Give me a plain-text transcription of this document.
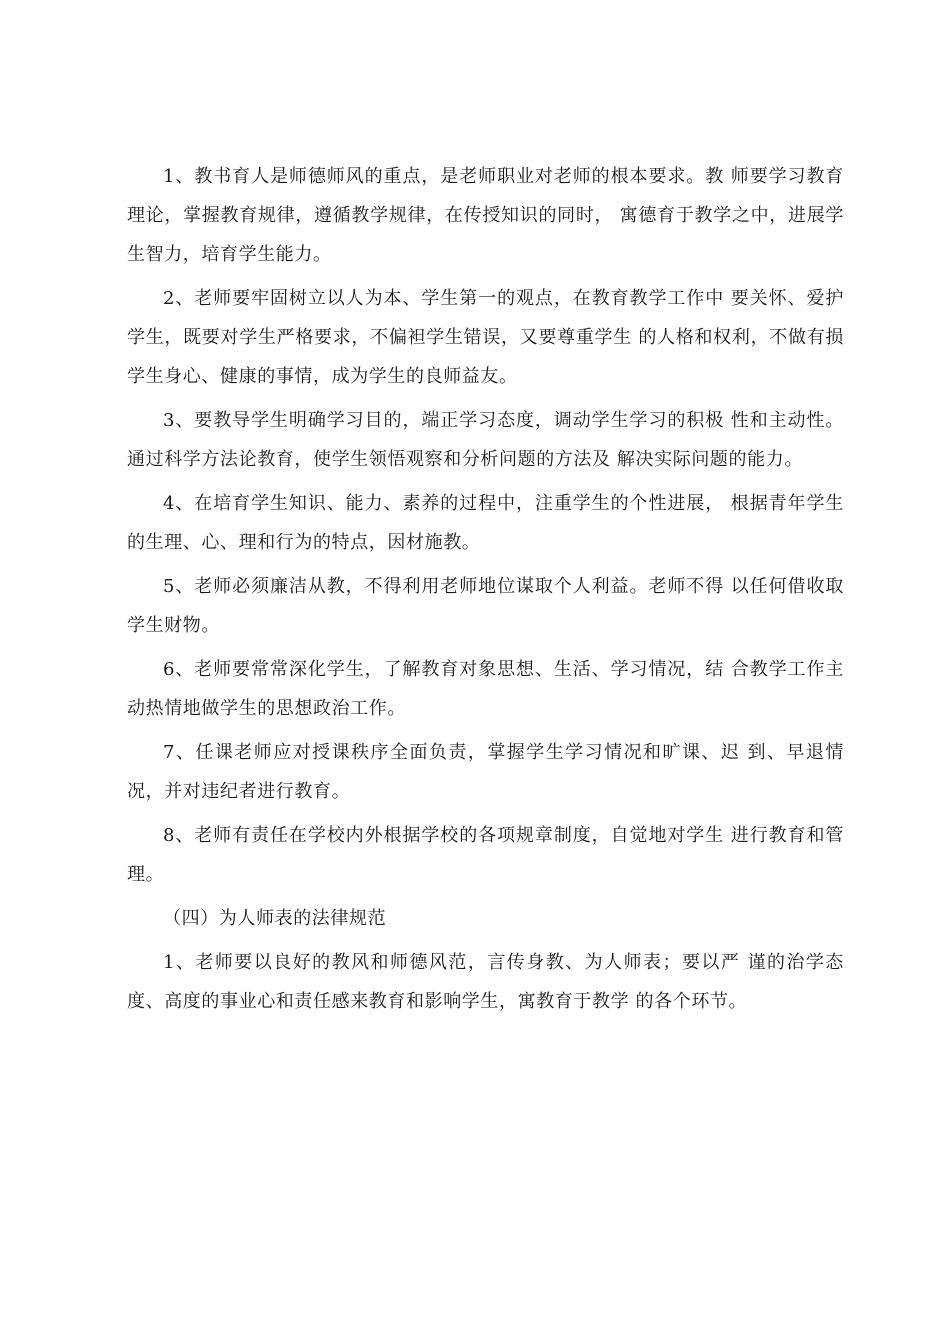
1、教书育人是师德师风的重点，是老师职业对老师的根本要求。教 师要学习教育理论，掌握教育规律，遵循教学规律，在传授知识的同时， 寓德育于教学之中，进展学生智力，培育学生能力。

2、老师要牢固树立以人为本、学生第一的观点，在教育教学工作中 要关怀、爱护学生，既要对学生严格要求，不偏袒学生错误，又要尊重学生 的人格和权利，不做有损学生身心、健康的事情，成为学生的良师益友。

3、要教导学生明确学习目的，端正学习态度，调动学生学习的积极 性和主动性。通过科学方法论教育，使学生领悟观察和分析问题的方法及 解决实际问题的能力。

4、在培育学生知识、能力、素养的过程中，注重学生的个性进展， 根据青年学生的生理、心、理和行为的特点，因材施教。

5、老师必须廉洁从教，不得利用老师地位谋取个人利益。老师不得 以任何借收取学生财物。

6、老师要常常深化学生，了解教育对象思想、生活、学习情况，结 合教学工作主动热情地做学生的思想政治工作。

7、任课老师应对授课秩序全面负责，掌握学生学习情况和旷课、迟 到、早退情况，并对违纪者进行教育。

8、老师有责任在学校内外根据学校的各项规章制度，自觉地对学生 进行教育和管理。

（四）为人师表的法律规范

1、老师要以良好的教风和师德风范，言传身教、为人师表；要以严 谨的治学态度、高度的事业心和责任感来教育和影响学生，寓教育于教学 的各个环节。
